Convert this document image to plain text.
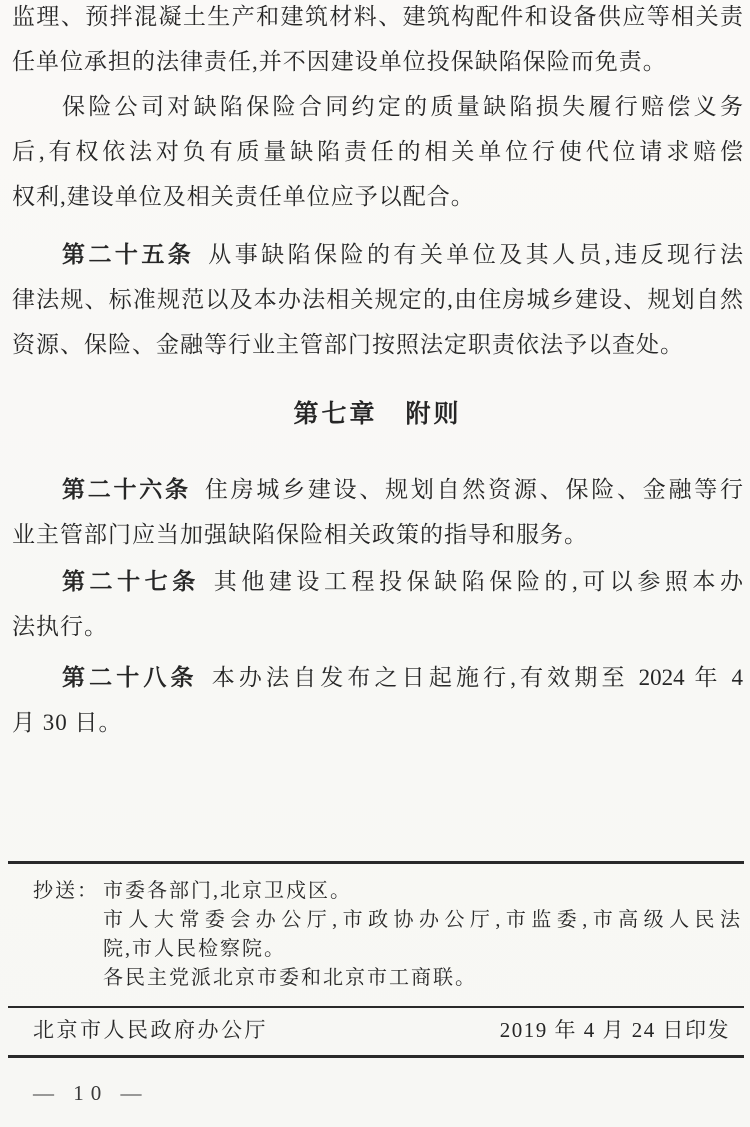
监理、预拌混凝土生产和建筑材料、建筑构配件和设备供应等相关责
任单位承担的法律责任,并不因建设单位投保缺陷保险而免责。
保险公司对缺陷保险合同约定的质量缺陷损失履行赔偿义务
后,有权依法对负有质量缺陷责任的相关单位行使代位请求赔偿
权利,建设单位及相关责任单位应予以配合。
第二十五条 从事缺陷保险的有关单位及其人员,违反现行法
律法规、标准规范以及本办法相关规定的,由住房城乡建设、规划自然
资源、保险、金融等行业主管部门按照法定职责依法予以查处。
第七章　附则
第二十六条 住房城乡建设、规划自然资源、保险、金融等行
业主管部门应当加强缺陷保险相关政策的指导和服务。
第二十七条 其他建设工程投保缺陷保险的,可以参照本办
法执行。
第二十八条 本办法自发布之日起施行,有效期至 2024 年 4
月 30 日。
抄送： 市委各部门,北京卫戍区。
市人大常委会办公厅,市政协办公厅,市监委,市高级人民法
院,市人民检察院。
各民主党派北京市委和北京市工商联。
北京市人民政府办公厅	2019 年 4 月 24 日印发
— 10 —
